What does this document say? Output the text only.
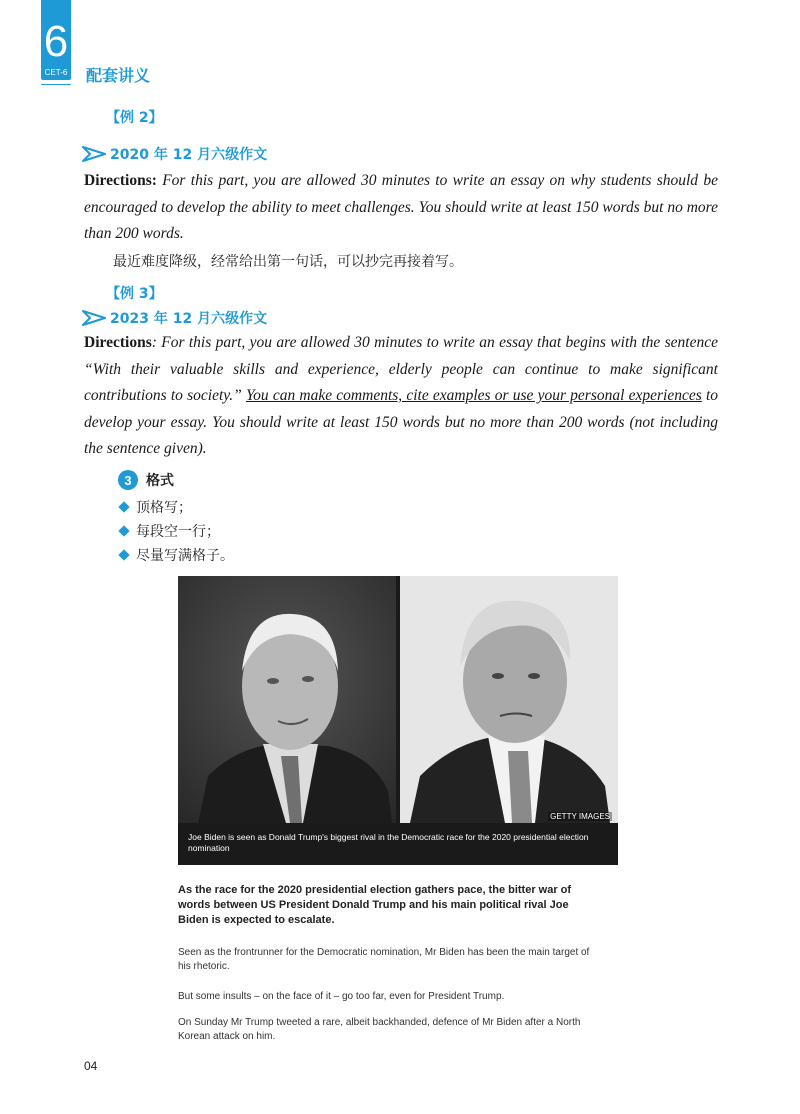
6
CET-6 配套讲义
【例 2】
2020 年 12 月六级作文

Directions: For this part, you are allowed 30 minutes to write an essay on why students should be encouraged to develop the ability to meet challenges. You should write at least 150 words but no more than 200 words.

最近难度降级，经常给出第一句话，可以抄完再接着写。
【例 3】
2023 年 12 月六级作文

Directions: For this part, you are allowed 30 minutes to write an essay that begins with the sentence “With their valuable skills and experience, elderly people can continue to make significant contributions to society.” You can make comments, cite examples or use your personal experiences to develop your essay. You should write at least 150 words but no more than 200 words (not including the sentence given).

3	格式
顶格写；
每段空一行；
尽量写满格子。
GETTY IMAGES
Joe Biden is seen as Donald Trump's biggest rival in the Democratic race for the 2020 presidential election nomination
As the race for the 2020 presidential election gathers pace, the bitter war of words between US President Donald Trump and his main political rival Joe Biden is expected to escalate.
Seen as the frontrunner for the Democratic nomination, Mr Biden has been the main target of his rhetoric.
But some insults – on the face of it – go too far, even for President Trump.
On Sunday Mr Trump tweeted a rare, albeit backhanded, defence of Mr Biden after a North Korean attack on him.
04
